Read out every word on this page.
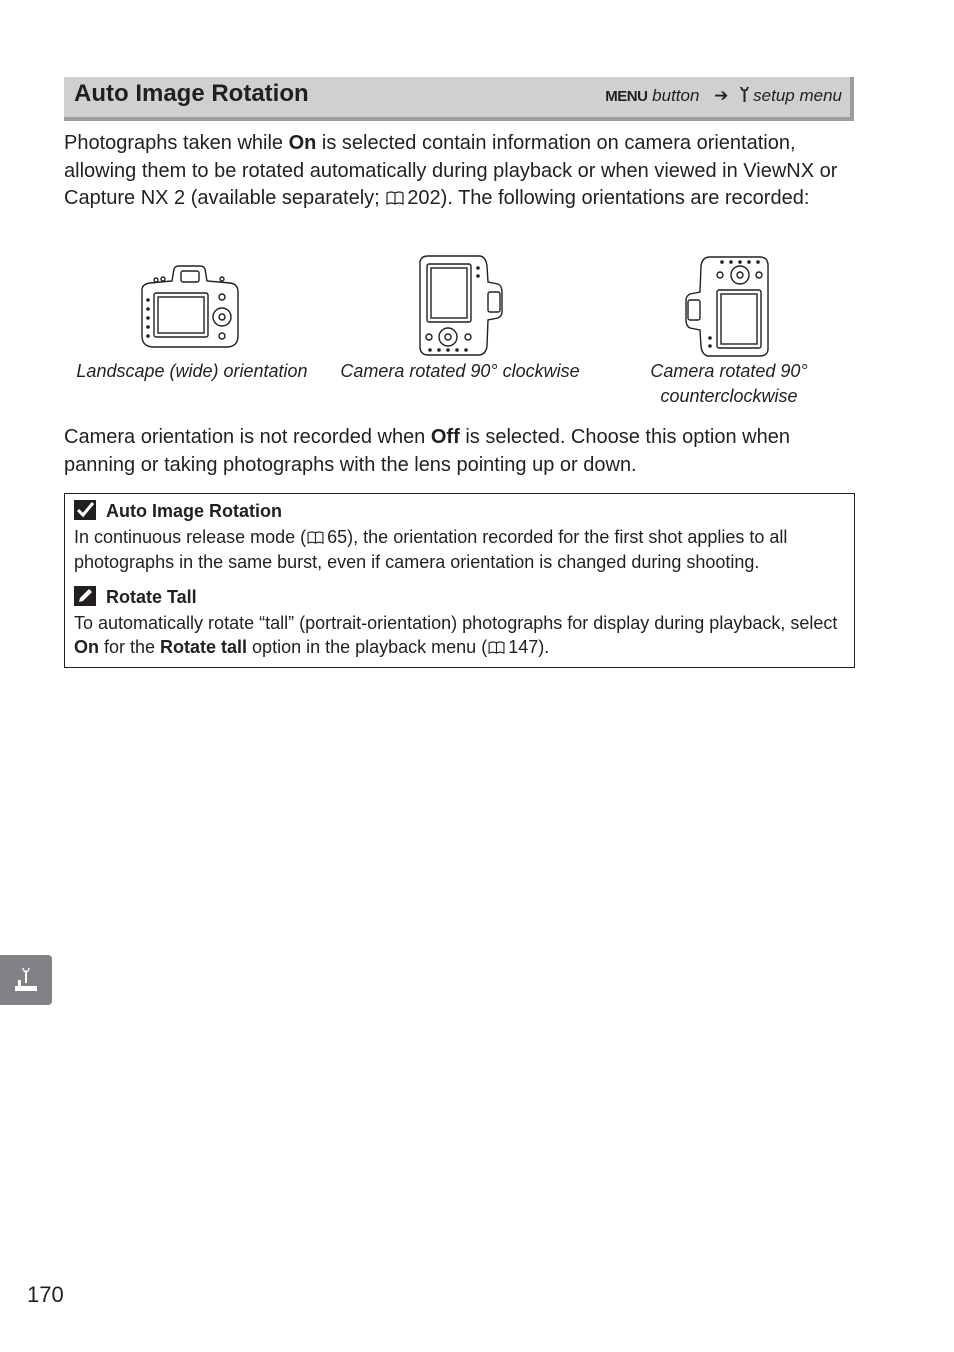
Auto Image Rotation	MENU button ➔ setup menu

Photographs taken while On is selected contain information on camera orientation, allowing them to be rotated automatically during playback or when viewed in ViewNX or Capture NX 2 (available separately; 202). The following orientations are recorded:

Landscape (wide) orientation	Camera rotated 90° clockwise	Camera rotated 90°
counterclockwise

Camera orientation is not recorded when Off is selected. Choose this option when panning or taking photographs with the lens pointing up or down.

Auto Image Rotation

In continuous release mode ( 65), the orientation recorded for the first shot applies to all photographs in the same burst, even if camera orientation is changed during shooting.

Rotate Tall

To automatically rotate “tall” (portrait-orientation) photographs for display during playback, select On for the Rotate tall option in the playback menu ( 147).

170
